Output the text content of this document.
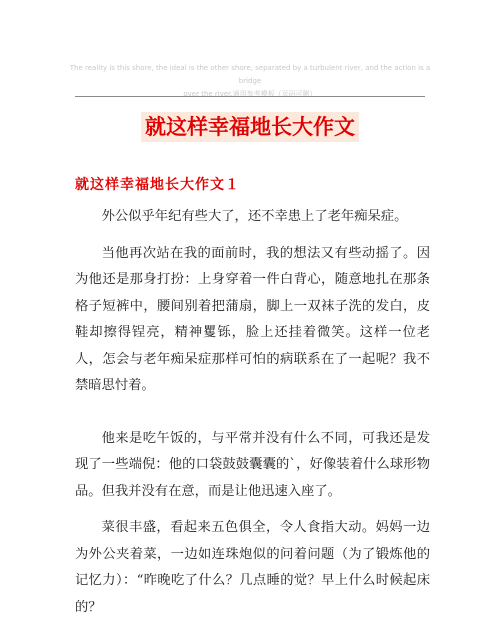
The reality is this shore, the ideal is the other shore, separated by a turbulent river, and the action is a bridge
over the river.通用参考模板（页码可删）
就这样幸福地长大作文
就这样幸福地长大作文１

外公似乎年纪有些大了，还不幸患上了老年痴呆症。

当他再次站在我的面前时，我的想法又有些动摇了。因为他还是那身打扮：上身穿着一件白背心，随意地扎在那条格子短裤中，腰间别着把蒲扇，脚上一双袜子洗的发白，皮鞋却擦得锃亮，精神矍铄，脸上还挂着微笑。这样一位老人，怎会与老年痴呆症那样可怕的病联系在了一起呢？我不禁暗思忖着。

他来是吃午饭的，与平常并没有什么不同，可我还是发现了一些端倪：他的口袋鼓鼓囊囊的`，好像装着什么球形物品。但我并没有在意，而是让他迅速入座了。

菜很丰盛，看起来五色俱全，令人食指大动。妈妈一边为外公夹着菜，一边如连珠炮似的问着问题（为了锻炼他的记忆力）：“昨晚吃了什么？几点睡的觉？早上什么时候起床的？
